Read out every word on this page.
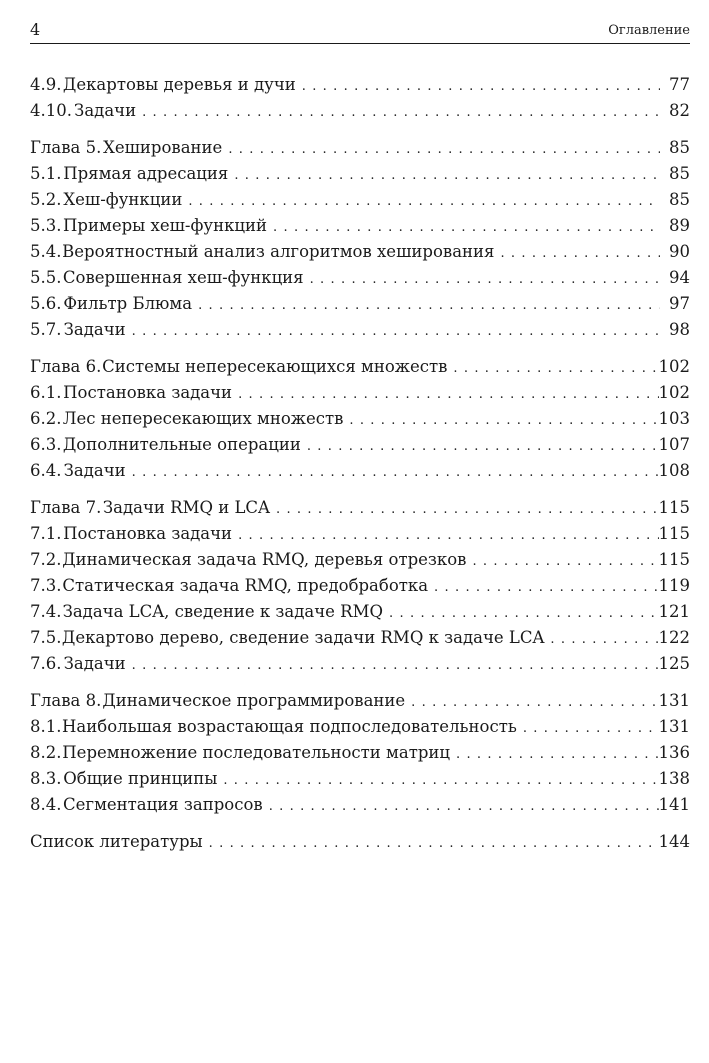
4	Оглавление
4.9. Декартовы деревья и дучи . . .	77
4.10. Задачи . . .	82
Глава 5. Хеширование . . .	85
5.1. Прямая адресация . . .	85
5.2. Хеш-функции . . .	85
5.3. Примеры хеш-функций . . .	89
5.4. Вероятностный анализ алгоритмов хеширования . . .	90
5.5. Совершенная хеш-функция . . .	94
5.6. Фильтр Блюма . . .	97
5.7. Задачи . . .	98
Глава 6. Системы непересекающихся множеств . . .	102
6.1. Постановка задачи . . .	102
6.2. Лес непересекающих множеств . . .	103
6.3. Дополнительные операции . . .	107
6.4. Задачи . . .	108
Глава 7. Задачи RMQ и LCA . . .	115
7.1. Постановка задачи . . .	115
7.2. Динамическая задача RMQ, деревья отрезков . . .	115
7.3. Статическая задача RMQ, предобработка . . .	119
7.4. Задача LCA, сведение к задаче RMQ . . .	121
7.5. Декартово дерево, сведение задачи RMQ к задаче LCA . . .	122
7.6. Задачи . . .	125
Глава 8. Динамическое программирование . . .	131
8.1. Наибольшая возрастающая подпоследовательность . . .	131
8.2. Перемножение последовательности матриц . . .	136
8.3. Общие принципы . . .	138
8.4. Сегментация запросов . . .	141
Список литературы . . .	144
